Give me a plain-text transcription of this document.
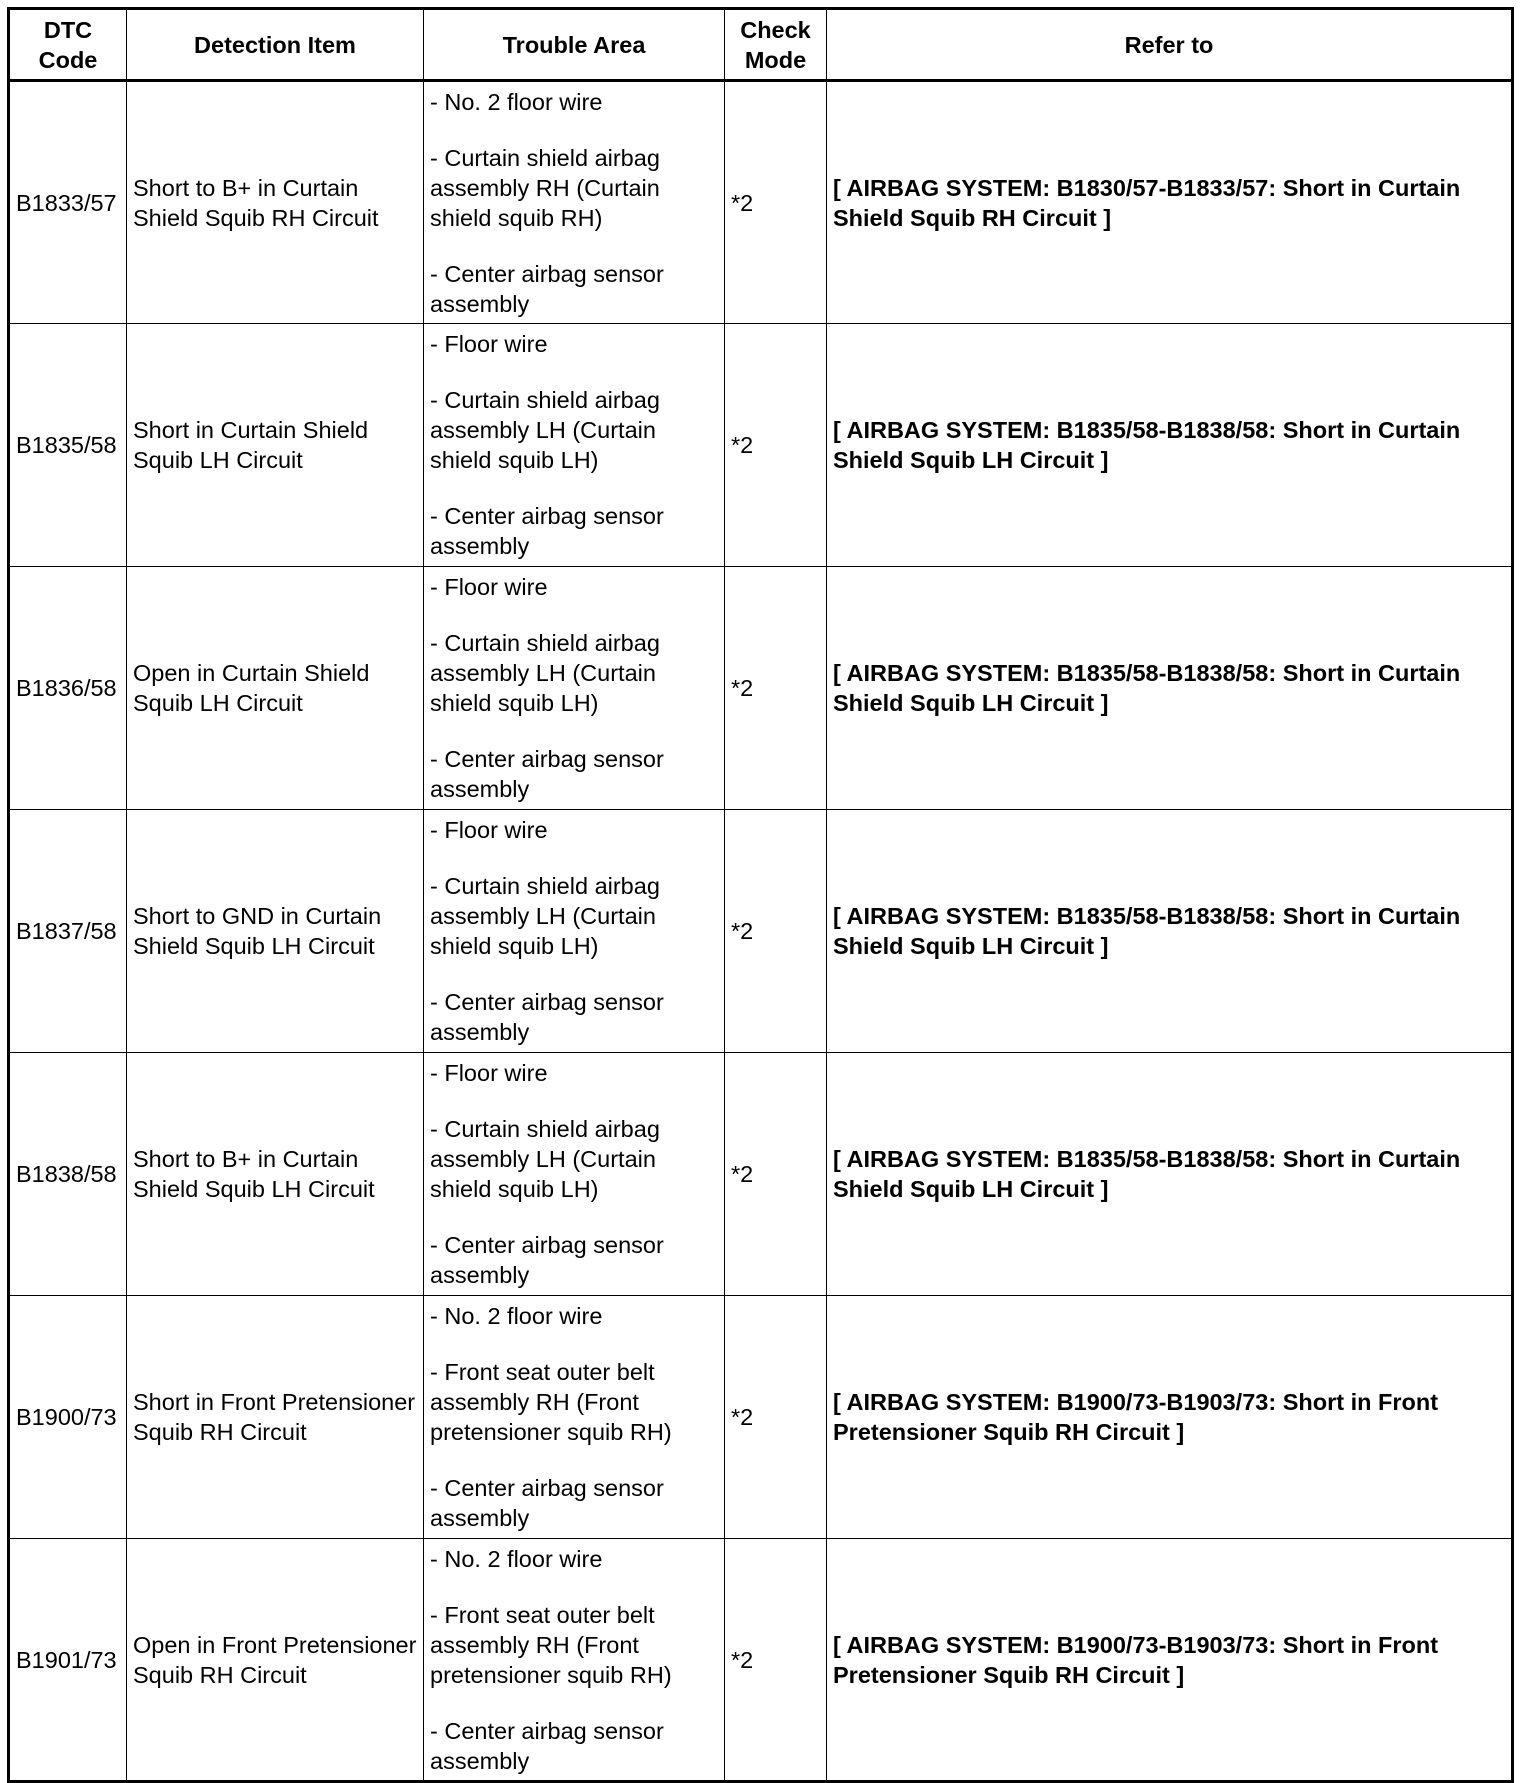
DTC Code	Detection Item	Trouble Area	Check Mode	Refer to
B1833/57	Short to B+ in Curtain Shield Squib RH Circuit	- No. 2 floor wire
- Curtain shield airbag assembly RH (Curtain shield squib RH)
- Center airbag sensor assembly	*2	[ AIRBAG SYSTEM: B1830/57-B1833/57: Short in Curtain Shield Squib RH Circuit ]
B1835/58	Short in Curtain Shield Squib LH Circuit	- Floor wire
- Curtain shield airbag assembly LH (Curtain shield squib LH)
- Center airbag sensor assembly	*2	[ AIRBAG SYSTEM: B1835/58-B1838/58: Short in Curtain Shield Squib LH Circuit ]
B1836/58	Open in Curtain Shield Squib LH Circuit	- Floor wire
- Curtain shield airbag assembly LH (Curtain shield squib LH)
- Center airbag sensor assembly	*2	[ AIRBAG SYSTEM: B1835/58-B1838/58: Short in Curtain Shield Squib LH Circuit ]
B1837/58	Short to GND in Curtain Shield Squib LH Circuit	- Floor wire
- Curtain shield airbag assembly LH (Curtain shield squib LH)
- Center airbag sensor assembly	*2	[ AIRBAG SYSTEM: B1835/58-B1838/58: Short in Curtain Shield Squib LH Circuit ]
B1838/58	Short to B+ in Curtain Shield Squib LH Circuit	- Floor wire
- Curtain shield airbag assembly LH (Curtain shield squib LH)
- Center airbag sensor assembly	*2	[ AIRBAG SYSTEM: B1835/58-B1838/58: Short in Curtain Shield Squib LH Circuit ]
B1900/73	Short in Front Pretensioner Squib RH Circuit	- No. 2 floor wire
- Front seat outer belt assembly RH (Front pretensioner squib RH)
- Center airbag sensor assembly	*2	[ AIRBAG SYSTEM: B1900/73-B1903/73: Short in Front Pretensioner Squib RH Circuit ]
B1901/73	Open in Front Pretensioner Squib RH Circuit	- No. 2 floor wire
- Front seat outer belt assembly RH (Front pretensioner squib RH)
- Center airbag sensor assembly	*2	[ AIRBAG SYSTEM: B1900/73-B1903/73: Short in Front Pretensioner Squib RH Circuit ]
